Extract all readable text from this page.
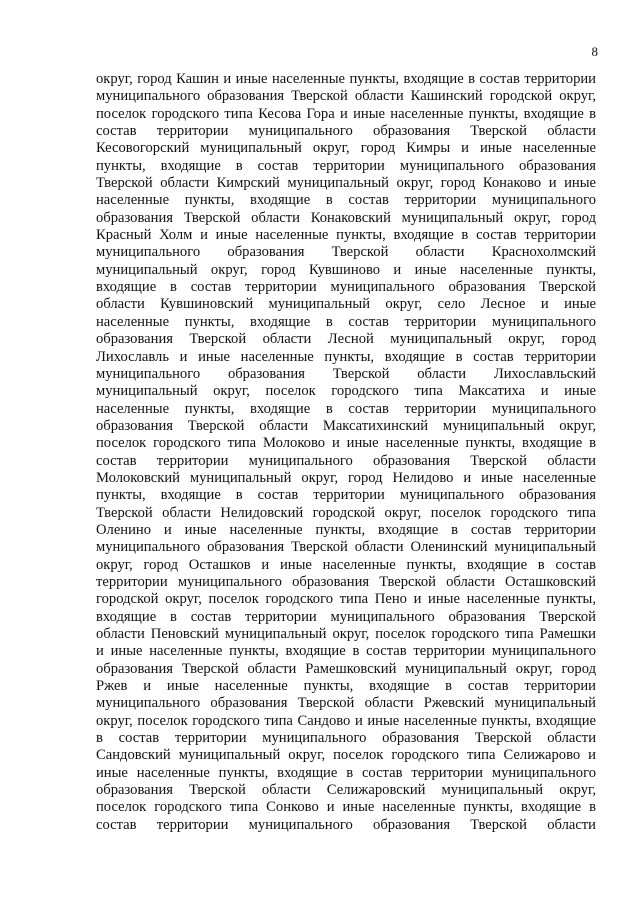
8
округ, город Кашин и иные населенные пункты, входящие в состав территории
муниципального образования Тверской области Кашинский городской округ,
поселок городского типа Кесова Гора и иные населенные пункты, входящие в
состав территории муниципального образования Тверской области
Кесовогорский муниципальный округ, город Кимры и иные населенные
пункты, входящие в состав территории муниципального образования
Тверской области Кимрский муниципальный округ, город Конаково и иные
населенные пункты, входящие в состав территории муниципального
образования Тверской области Конаковский муниципальный округ, город
Красный Холм и иные населенные пункты, входящие в состав территории
муниципального образования Тверской области Краснохолмский
муниципальный округ, город Кувшиново и иные населенные пункты,
входящие в состав территории муниципального образования Тверской
области Кувшиновский муниципальный округ, село Лесное и иные
населенные пункты, входящие в состав территории муниципального
образования Тверской области Лесной муниципальный округ, город
Лихославль и иные населенные пункты, входящие в состав территории
муниципального образования Тверской области Лихославльский
муниципальный округ, поселок городского типа Максатиха и иные
населенные пункты, входящие в состав территории муниципального
образования Тверской области Максатихинский муниципальный округ,
поселок городского типа Молоково и иные населенные пункты, входящие в
состав территории муниципального образования Тверской области
Молоковский муниципальный округ, город Нелидово и иные населенные
пункты, входящие в состав территории муниципального образования
Тверской области Нелидовский городской округ, поселок городского типа
Оленино и иные населенные пункты, входящие в состав территории
муниципального образования Тверской области Оленинский муниципальный
округ, город Осташков и иные населенные пункты, входящие в состав
территории муниципального образования Тверской области Осташковский
городской округ, поселок городского типа Пено и иные населенные пункты,
входящие в состав территории муниципального образования Тверской
области Пеновский муниципальный округ, поселок городского типа Рамешки
и иные населенные пункты, входящие в состав территории муниципального
образования Тверской области Рамешковский муниципальный округ, город
Ржев и иные населенные пункты, входящие в состав территории
муниципального образования Тверской области Ржевский муниципальный
округ, поселок городского типа Сандово и иные населенные пункты, входящие
в состав территории муниципального образования Тверской области
Сандовский муниципальный округ, поселок городского типа Селижарово и
иные населенные пункты, входящие в состав территории муниципального
образования Тверской области Селижаровский муниципальный округ,
поселок городского типа Сонково и иные населенные пункты, входящие в
состав территории муниципального образования Тверской области
